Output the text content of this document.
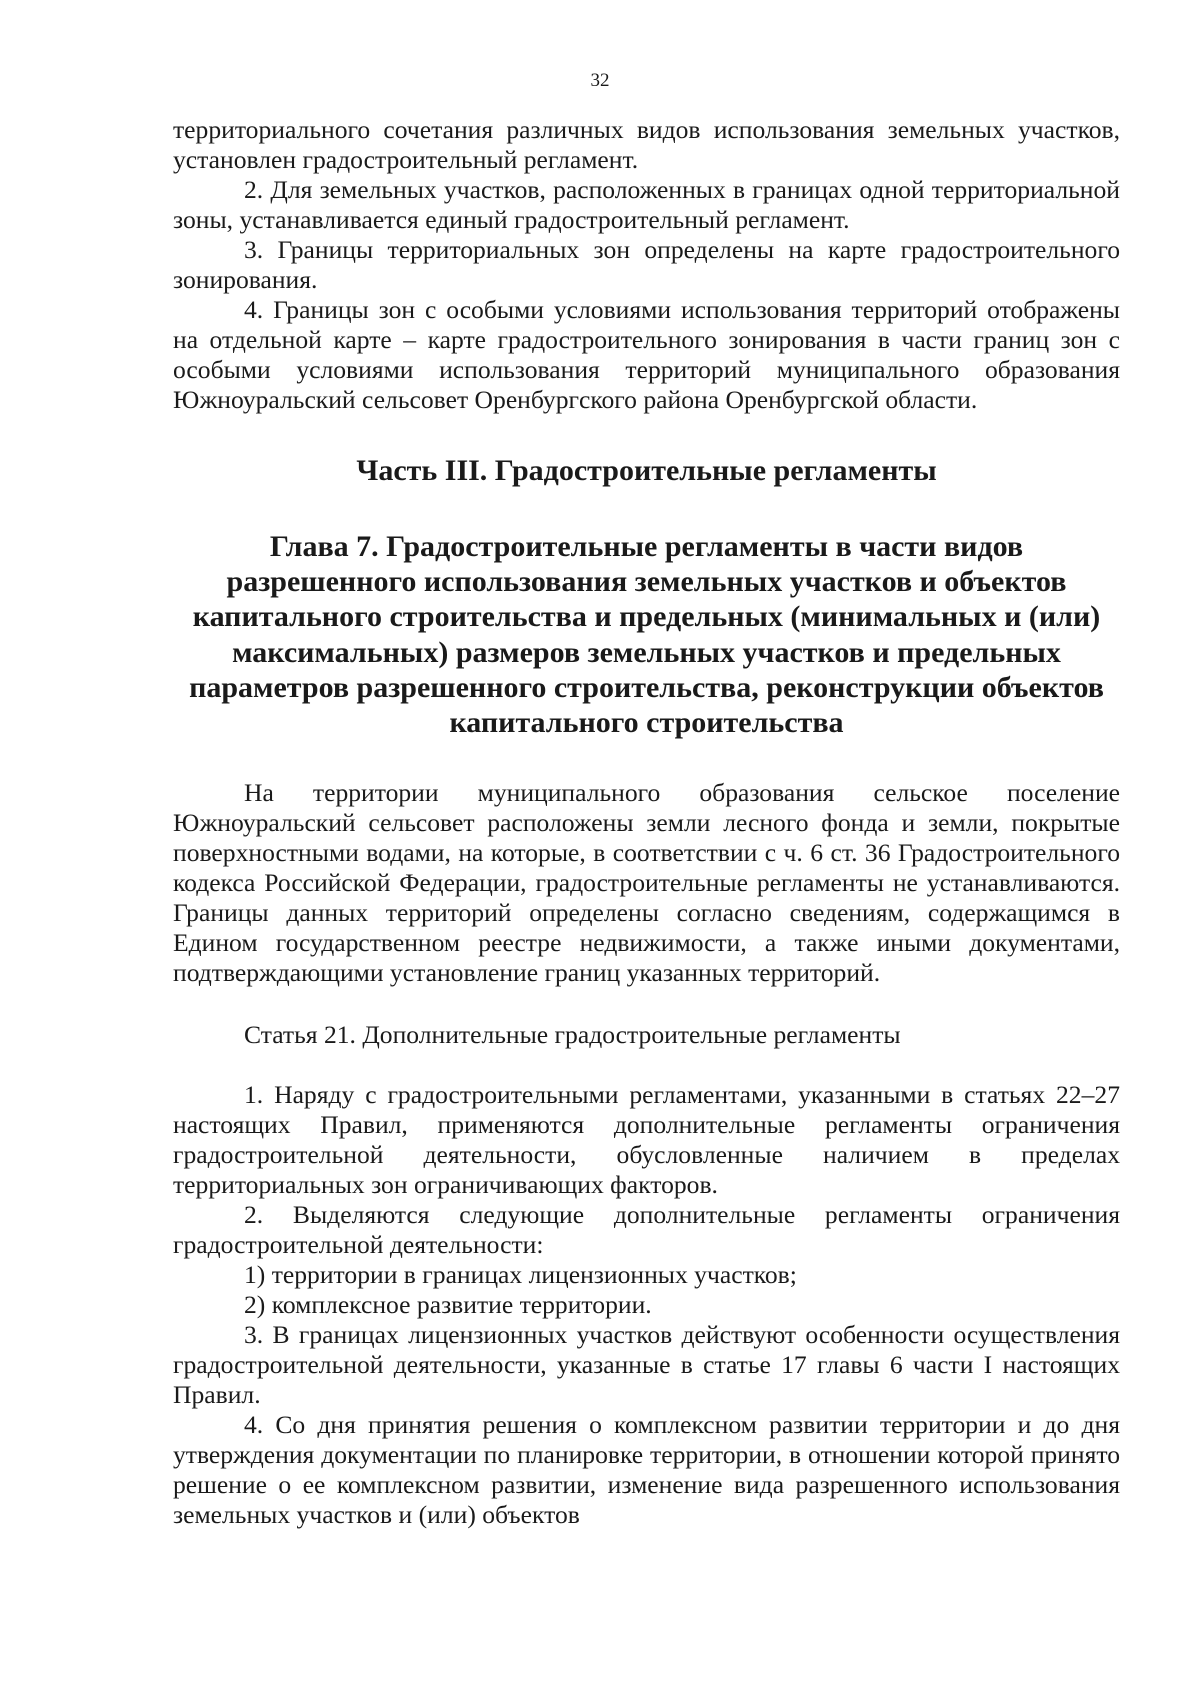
32

территориального сочетания различных видов использования земельных участков, установлен градостроительный регламент.

2. Для земельных участков, расположенных в границах одной территориальной зоны, устанавливается единый градостроительный регламент.

3. Границы территориальных зон определены на карте градостроительного зонирования.

4. Границы зон с особыми условиями использования территорий отображены на отдельной карте – карте градостроительного зонирования в части границ зон с особыми условиями использования территорий муниципального образования Южноуральский сельсовет Оренбургского района Оренбургской области.

Часть III. Градостроительные регламенты
Глава 7. Градостроительные регламенты в части видов разрешенного использования земельных участков и объектов капитального строительства и предельных (минимальных и (или) максимальных) размеров земельных участков и предельных параметров разрешенного строительства, реконструкции объектов капитального строительства

На территории муниципального образования сельское поселение Южноуральский сельсовет расположены земли лесного фонда и земли, покрытые поверхностными водами, на которые, в соответствии с ч. 6 ст. 36 Градостроительного кодекса Российской Федерации, градостроительные регламенты не устанавливаются. Границы данных территорий определены согласно сведениям, содержащимся в Едином государственном реестре недвижимости, а также иными документами, подтверждающими установление границ указанных территорий.

Статья 21. Дополнительные градостроительные регламенты

1. Наряду с градостроительными регламентами, указанными в статьях 22–27 настоящих Правил, применяются дополнительные регламенты ограничения градостроительной деятельности, обусловленные наличием в пределах территориальных зон ограничивающих факторов.

2. Выделяются следующие дополнительные регламенты ограничения градостроительной деятельности:

1) территории в границах лицензионных участков;

2) комплексное развитие территории.

3. В границах лицензионных участков действуют особенности осуществления градостроительной деятельности, указанные в статье 17 главы 6 части I настоящих Правил.

4. Со дня принятия решения о комплексном развитии территории и до дня утверждения документации по планировке территории, в отношении которой принято решение о ее комплексном развитии, изменение вида разрешенного использования земельных участков и (или) объектов
